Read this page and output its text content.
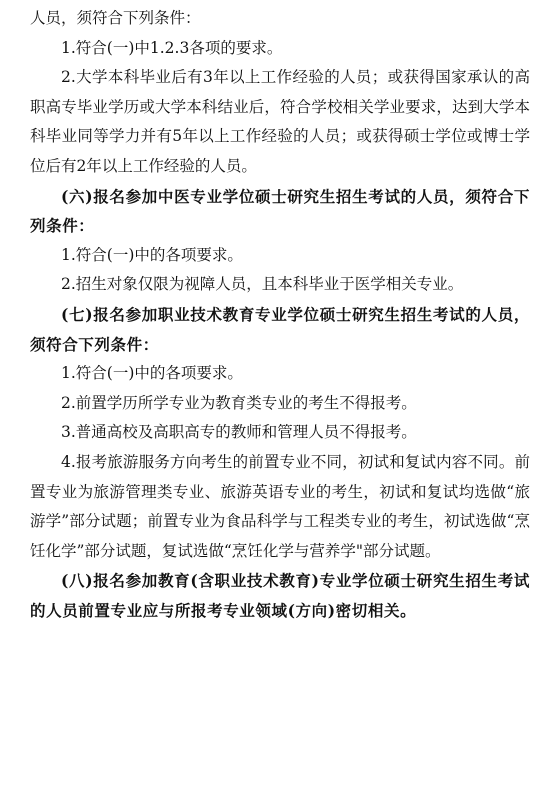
人员，须符合下列条件：

1.符合(一)中1.2.3各项的要求。

2.大学本科毕业后有3年以上工作经验的人员；或获得国家承认的高职高专毕业学历或大学本科结业后，符合学校相关学业要求，达到大学本科毕业同等学力并有5年以上工作经验的人员；或获得硕士学位或博士学位后有2年以上工作经验的人员。

(六)报名参加中医专业学位硕士研究生招生考试的人员，须符合下列条件：

1.符合(一)中的各项要求。

2.招生对象仅限为视障人员，且本科毕业于医学相关专业。

(七)报名参加职业技术教育专业学位硕士研究生招生考试的人员，须符合下列条件：

1.符合(一)中的各项要求。

2.前置学历所学专业为教育类专业的考生不得报考。

3.普通高校及高职高专的教师和管理人员不得报考。

4.报考旅游服务方向考生的前置专业不同，初试和复试内容不同。前置专业为旅游管理类专业、旅游英语专业的考生，初试和复试均选做“旅游学”部分试题；前置专业为食品科学与工程类专业的考生，初试选做“烹饪化学”部分试题，复试选做“烹饪化学与营养学"部分试题。

(八)报名参加教育(含职业技术教育)专业学位硕士研究生招生考试的人员前置专业应与所报考专业领域(方向)密切相关。
